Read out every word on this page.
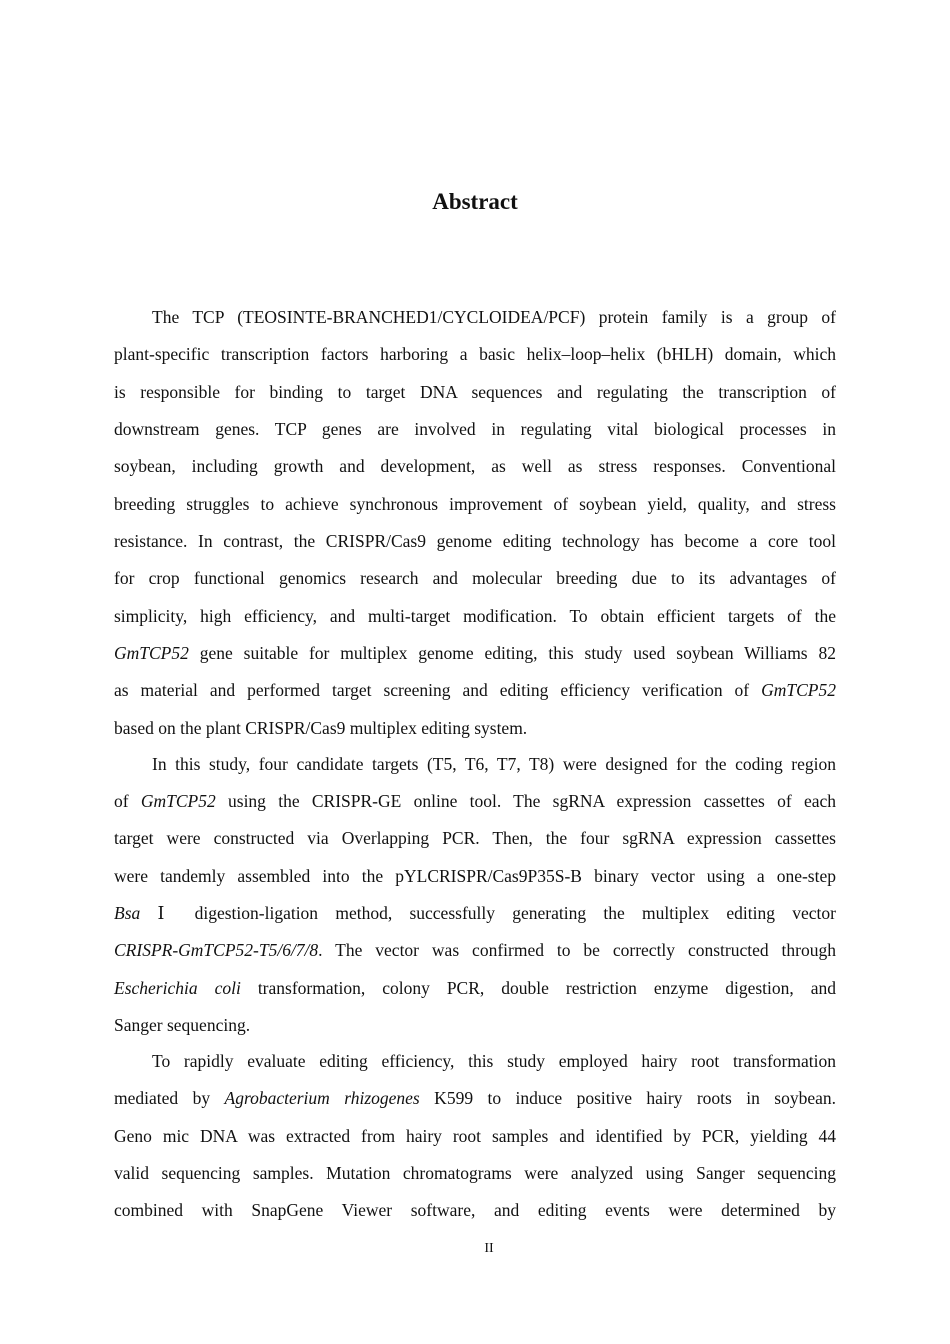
Abstract
The TCP (TEOSINTE-BRANCHED1/CYCLOIDEA/PCF) protein family is a group of
plant-specific transcription factors harboring a basic helix–loop–helix (bHLH) domain, which
is responsible for binding to target DNA sequences and regulating the transcription of
downstream genes. TCP genes are involved in regulating vital biological processes in
soybean, including growth and development, as well as stress responses. Conventional
breeding struggles to achieve synchronous improvement of soybean yield, quality, and stress
resistance. In contrast, the CRISPR/Cas9 genome editing technology has become a core tool
for crop functional genomics research and molecular breeding due to its advantages of
simplicity, high efficiency, and multi-target modification. To obtain efficient targets of the
GmTCP52 gene suitable for multiplex genome editing, this study used soybean Williams 82
as material and performed target screening and editing efficiency verification of GmTCP52
based on the plant CRISPR/Cas9 multiplex editing system.
In this study, four candidate targets (T5, T6, T7, T8) were designed for the coding region
of GmTCP52 using the CRISPR-GE online tool. The sgRNA expression cassettes of each
target were constructed via Overlapping PCR. Then, the four sgRNA expression cassettes
were tandemly assembled into the pYLCRISPR/Cas9P35S-B binary vector using a one-step
Bsa Ⅰ digestion-ligation method, successfully generating the multiplex editing vector
CRISPR-GmTCP52-T5/6/7/8. The vector was confirmed to be correctly constructed through
Escherichia coli transformation, colony PCR, double restriction enzyme digestion, and
Sanger sequencing.
To rapidly evaluate editing efficiency, this study employed hairy root transformation
mediated by Agrobacterium rhizogenes K599 to induce positive hairy roots in soybean.
Geno mic DNA was extracted from hairy root samples and identified by PCR, yielding 44
valid sequencing samples. Mutation chromatograms were analyzed using Sanger sequencing
combined with SnapGene Viewer software, and editing events were determined by
II
